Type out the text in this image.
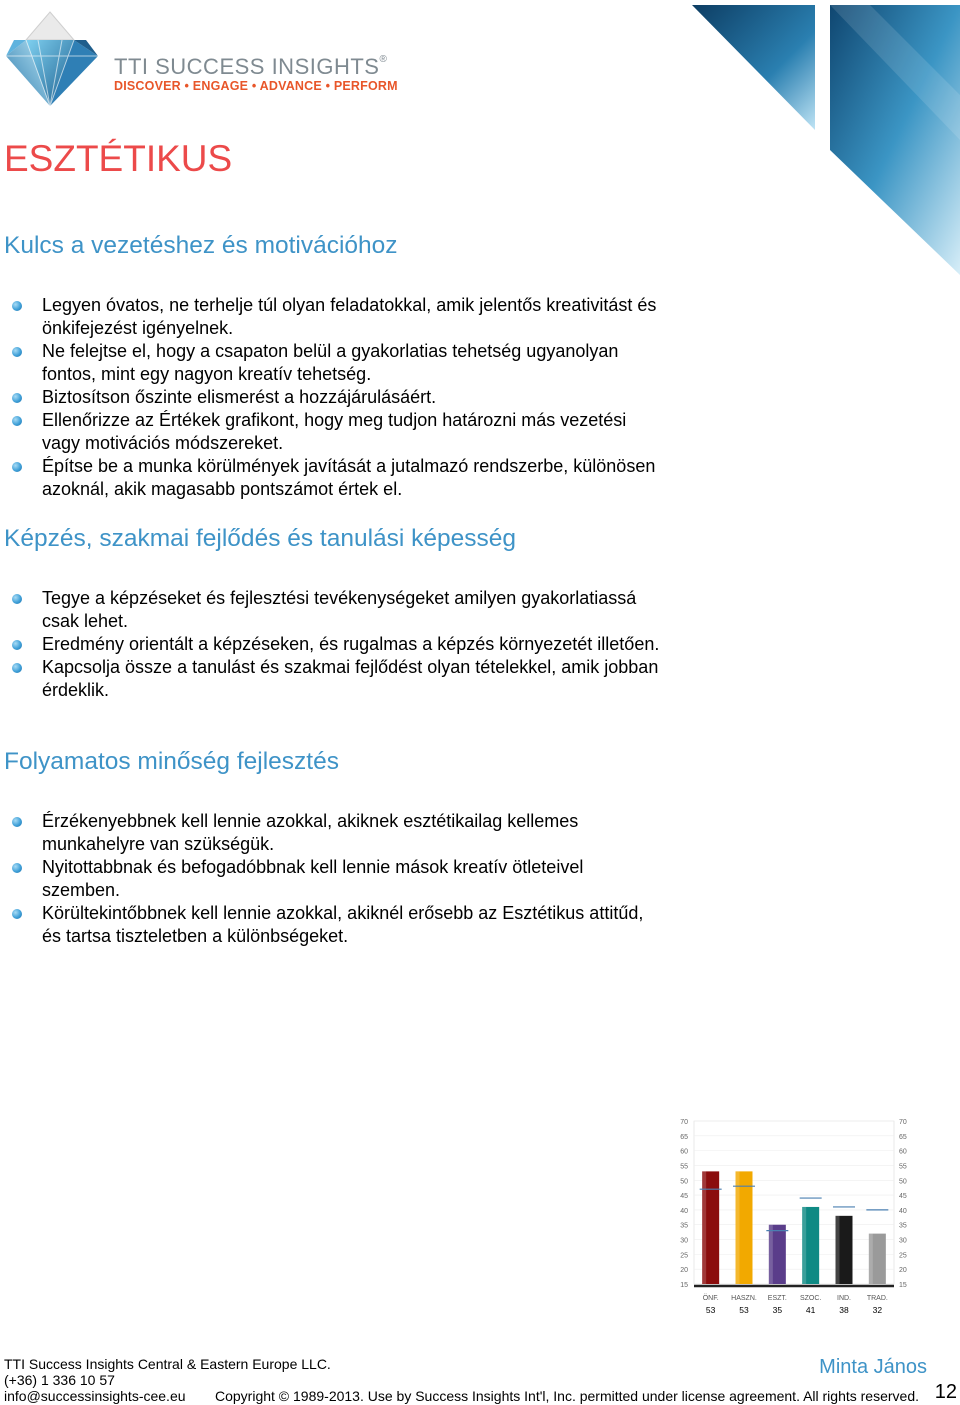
TTI SUCCESS INSIGHTS®
DISCOVER • ENGAGE • ADVANCE • PERFORM
ESZTÉTIKUS
Kulcs a vezetéshez és motivációhoz
Legyen óvatos, ne terhelje túl olyan feladatokkal, amik jelentős kreativitást és önkifejezést igényelnek.
Ne felejtse el, hogy a csapaton belül a gyakorlatias tehetség ugyanolyan fontos, mint egy nagyon kreatív tehetség.
Biztosítson őszinte elismerést a hozzájárulásáért.
Ellenőrizze az Értékek grafikont, hogy meg tudjon határozni más vezetési vagy motivációs módszereket.
Építse be a munka körülmények javítását a jutalmazó rendszerbe, különösen azoknál, akik magasabb pontszámot értek el.
Képzés, szakmai fejlődés és tanulási képesség
Tegye a képzéseket és fejlesztési tevékenységeket amilyen gyakorlatiassá csak lehet.
Eredmény orientált a képzéseken, és rugalmas a képzés környezetét illetően.
Kapcsolja össze a tanulást és szakmai fejlődést olyan tételekkel, amik jobban érdeklik.
Folyamatos minőség fejlesztés
Érzékenyebbnek kell lennie azokkal, akiknek esztétikailag kellemes munkahelyre van szükségük.
Nyitottabbnak és befogadóbbnak kell lennie mások kreatív ötleteivel szemben.
Körültekintőbbnek kell lennie azokkal, akiknél erősebb az Esztétikus attitűd, és tartsa tiszteletben a különbségeket.
15	15
20	20
25	25
30	30
35	35
40	40
45	45
50	50
55	55
60	60
65	65
70	70
ÖNF.
53
HASZN.
53
ESZT.
35
SZOC.
41
IND.
38
TRAD.
32
TTI Success Insights Central & Eastern Europe LLC.
(+36) 1 336 10 57
info@successinsights-cee.eu Copyright © 1989-2013. Use by Success Insights Int'l, Inc. permitted under license agreement. All rights reserved.
Minta János
12
